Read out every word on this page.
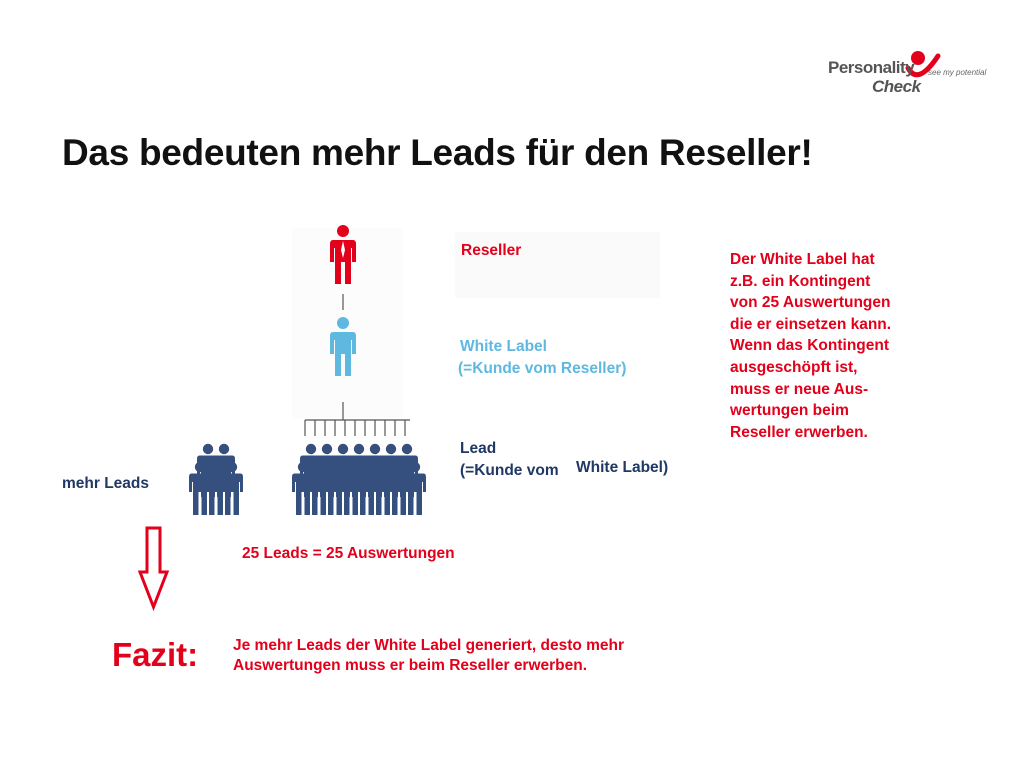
Personality see my potential
Check
Das bedeuten mehr Leads für den Reseller!
Reseller
White Label
(=Kunde vom Reseller)
Lead
(=Kunde vom White Label)
mehr Leads
25 Leads = 25 Auswertungen
Der White Label hat
z.B. ein Kontingent
von 25 Auswertungen
die er einsetzen kann.
Wenn das Kontingent
ausgeschöpft ist,
muss er neue Aus-
wertungen beim
Reseller erwerben.
Fazit: Je mehr Leads der White Label generiert, desto mehr
Auswertungen muss er beim Reseller erwerben.
